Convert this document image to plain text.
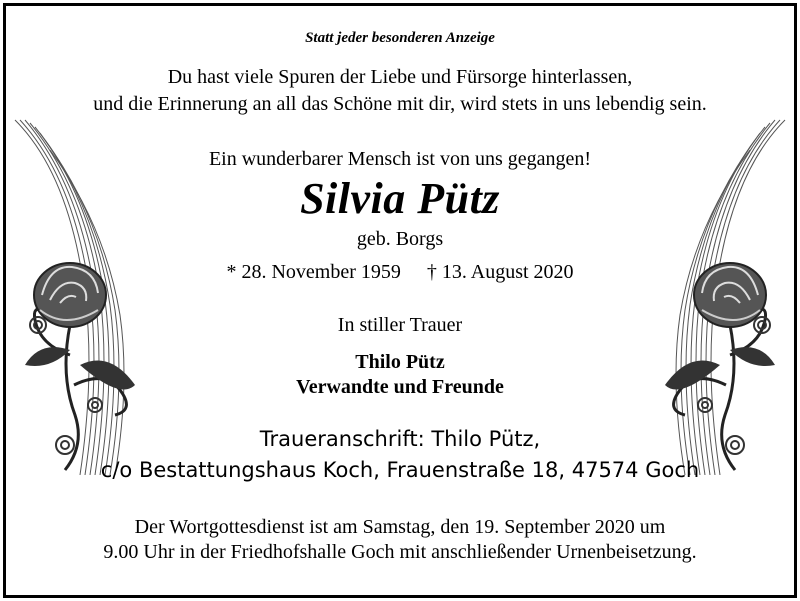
Statt jeder besonderen Anzeige
Du hast viele Spuren der Liebe und Fürsorge hinterlassen,
und die Erinnerung an all das Schöne mit dir, wird stets in uns lebendig sein.
Ein wunderbarer Mensch ist von uns gegangen!
Silvia Pütz
geb. Borgs
* 28. November 1959 † 13. August 2020
In stiller Trauer
Thilo Pütz
Verwandte und Freunde
Traueranschrift: Thilo Pütz,
c/o Bestattungshaus Koch, Frauenstraße 18, 47574 Goch
Der Wortgottesdienst ist am Samstag, den 19. September 2020 um
9.00 Uhr in der Friedhofshalle Goch mit anschließender Urnenbeisetzung.
